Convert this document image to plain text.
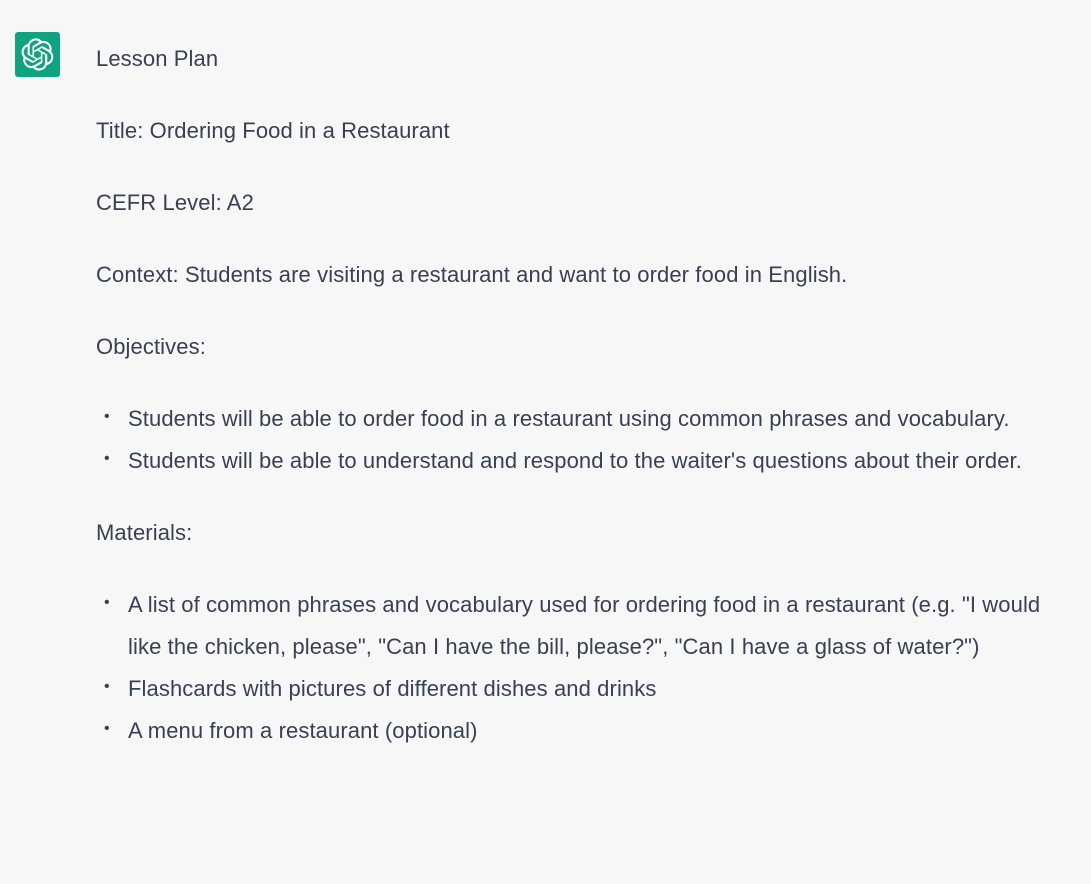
Lesson Plan

Title: Ordering Food in a Restaurant

CEFR Level: A2

Context: Students are visiting a restaurant and want to order food in English.

Objectives:

• Students will be able to order food in a restaurant using common phrases and vocabulary.
• Students will be able to understand and respond to the waiter's questions about their order.

Materials:

• A list of common phrases and vocabulary used for ordering food in a restaurant (e.g. "I would like the chicken, please", "Can I have the bill, please?", "Can I have a glass of water?")
• Flashcards with pictures of different dishes and drinks
• A menu from a restaurant (optional)
